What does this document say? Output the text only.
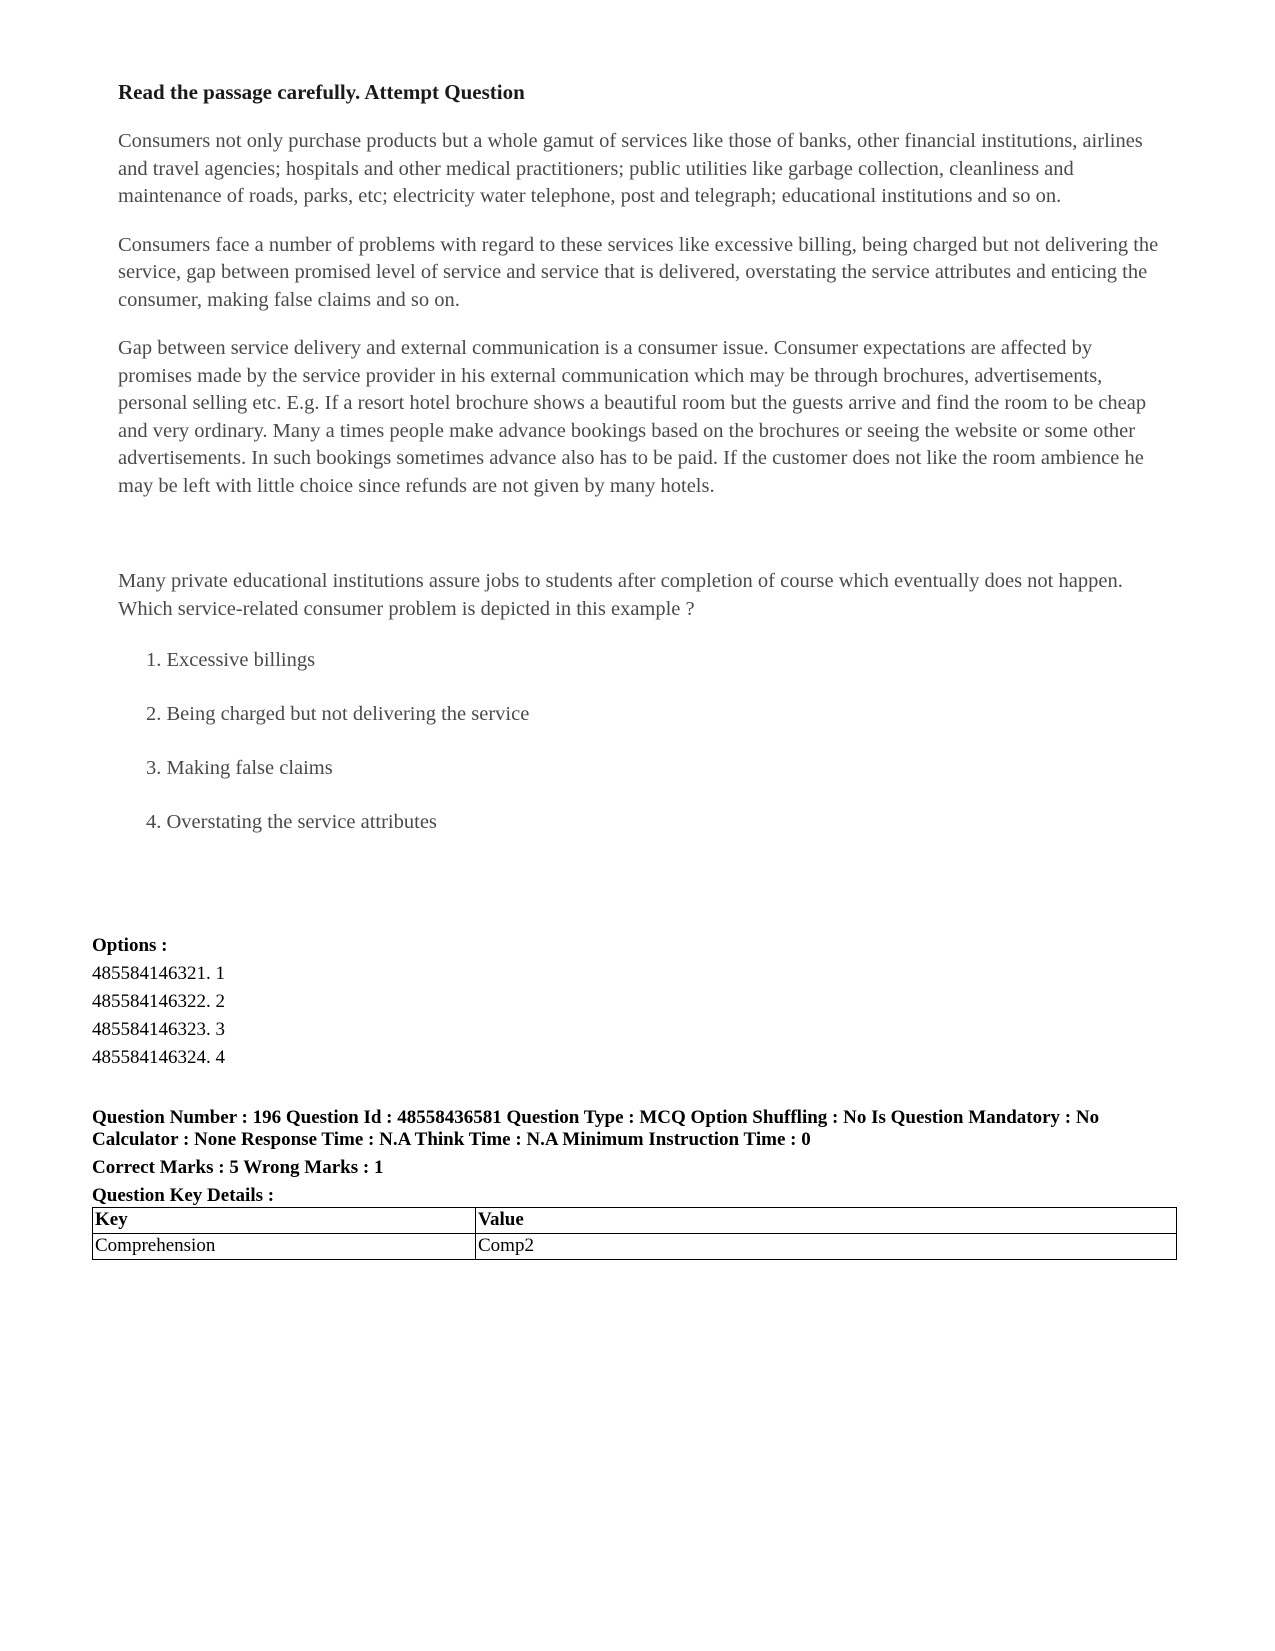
Read the passage carefully. Attempt Question

Consumers not only purchase products but a whole gamut of services like those of banks, other financial institutions, airlines and travel agencies; hospitals and other medical practitioners; public utilities like garbage collection, cleanliness and maintenance of roads, parks, etc; electricity water telephone, post and telegraph; educational institutions and so on.

Consumers face a number of problems with regard to these services like excessive billing, being charged but not delivering the service, gap between promised level of service and service that is delivered, overstating the service attributes and enticing the consumer, making false claims and so on.

Gap between service delivery and external communication is a consumer issue. Consumer expectations are affected by promises made by the service provider in his external communication which may be through brochures, advertisements, personal selling etc. E.g. If a resort hotel brochure shows a beautiful room but the guests arrive and find the room to be cheap and very ordinary. Many a times people make advance bookings based on the brochures or seeing the website or some other advertisements. In such bookings sometimes advance also has to be paid. If the customer does not like the room ambience he may be left with little choice since refunds are not given by many hotels.

Many private educational institutions assure jobs to students after completion of course which eventually does not happen. Which service-related consumer problem is depicted in this example ?

1. Excessive billings
2. Being charged but not delivering the service
3. Making false claims
4. Overstating the service attributes
Options :
485584146321. 1
485584146322. 2
485584146323. 3
485584146324. 4
Question Number : 196 Question Id : 48558436581 Question Type : MCQ Option Shuffling : No Is Question Mandatory : No Calculator : None Response Time : N.A Think Time : N.A Minimum Instruction Time : 0
Correct Marks : 5 Wrong Marks : 1
Question Key Details :
Key	Value
Comprehension	Comp2
